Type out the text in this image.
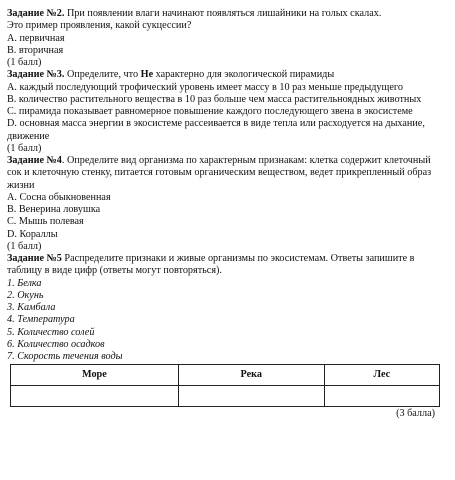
Задание №2. При появлении влаги начинают появляться лишайники на голых скалах.
Это пример проявления, какой сукцессии?
А. первичная
В. вторичная
(1 балл)
Задание №3. Определите, что Не характерно для экологической пирамиды
А. каждый последующий трофический уровень имеет массу в 10 раз меньше предыдущего
В. количество растительного вещества в 10 раз больше чем масса растительноядных животных
С. пирамида показывает равномерное повышение каждого последующего звена в экосистеме
D. основная масса энергии в экосистеме рассеивается в виде тепла или расходуется на дыхание, движение
(1 балл)
Задание №4. Определите вид организма по характерным признакам: клетка содержит клеточный сок и клеточную стенку, питается готовым органическим веществом, ведет прикрепленный образ жизни
А. Сосна обыкновенная
В. Венерина ловушка
С. Мышь полевая
D. Кораллы
(1 балл)
Задание №5 Распределите признаки и живые организмы по экосистемам. Ответы запишите в таблицу в виде цифр (ответы могут повторяться).
1. Белка
2. Окунь
3. Камбала
4. Температура
5. Количество солей
6. Количество осадков
7. Скорость течения воды
Море	Река	Лес

(3 балла)
